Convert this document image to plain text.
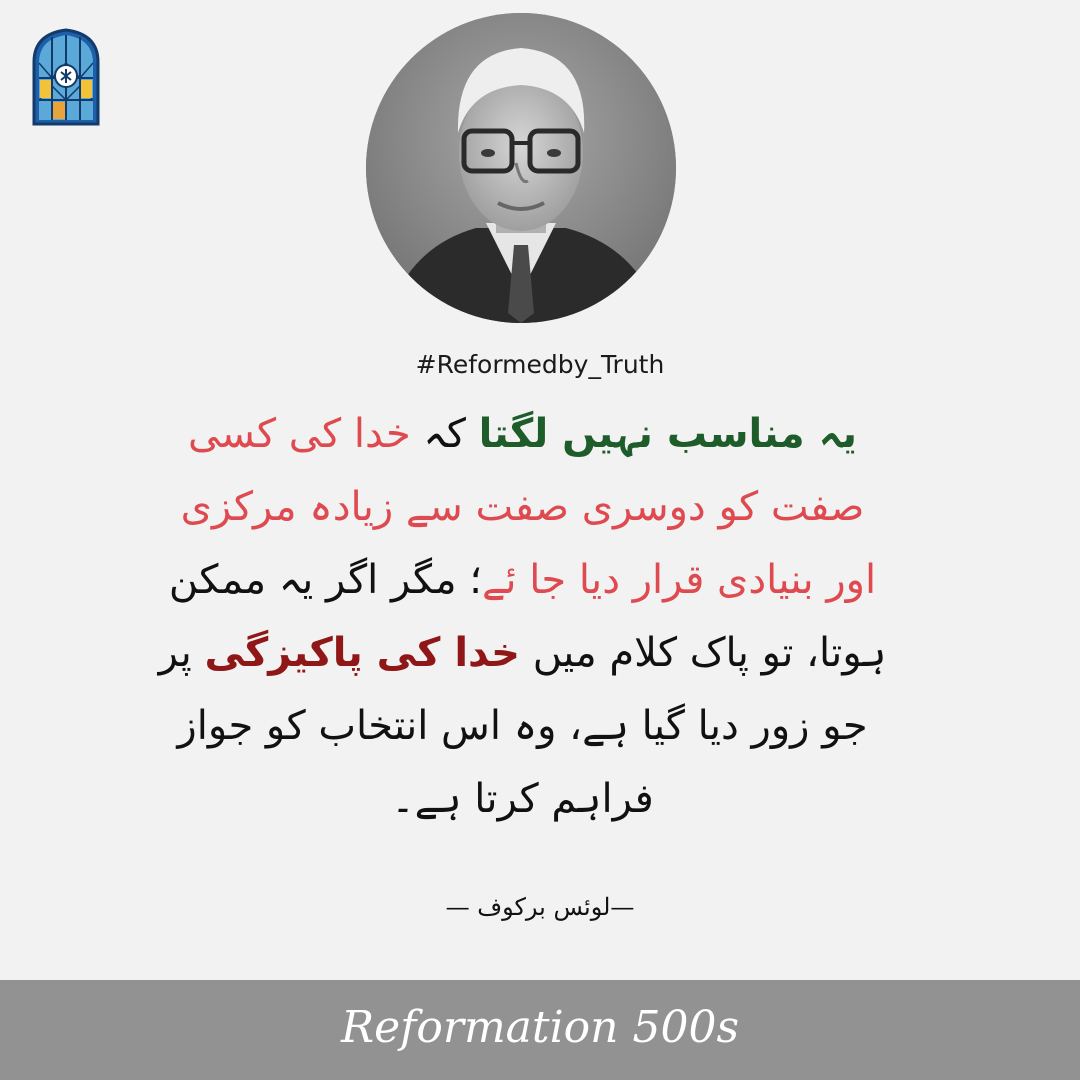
#Reformedby_Truth
یہ مناسب نہیں لگتا کہ خدا کی کسی
صفت کو دوسری صفت سے زیادہ مرکزی
اور بنیادی قرار دیا جا ئے؛ مگر اگر یہ ممکن
ہوتا، تو پاک کلام میں خدا کی پاکیزگی پر
جو زور دیا گیا ہے، وہ اس انتخاب کو جواز
فراہم کرتا ہے۔
—لوئس برکوف —
Reformation 500s
